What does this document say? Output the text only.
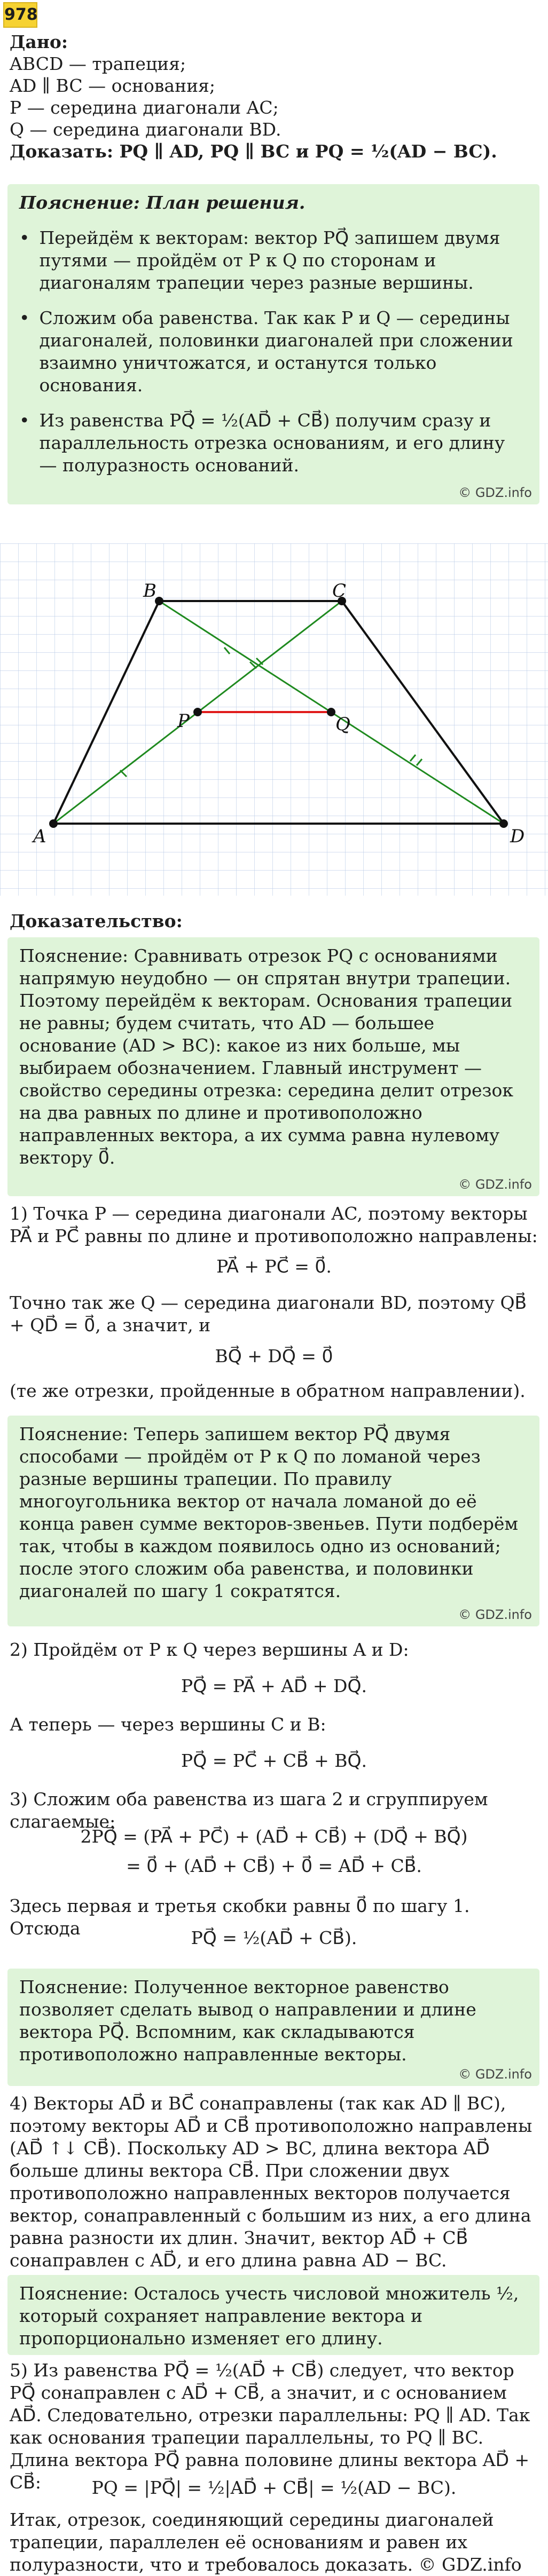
978
Дано:
ABCD — трапеция;
AD ∥ BC — основания;
P — середина диагонали AC;
Q — середина диагонали BD.
Доказать: PQ ∥ AD, PQ ∥ BC и PQ = ½(AD − BC).

Пояснение: План решения.

• Перейдём к векторам: вектор PQ⃗ запишем двумя путями — пройдём от P к Q по сторонам и диагоналям трапеции через разные вершины.

• Сложим оба равенства. Так как P и Q — середины диагоналей, половинки диагоналей при сложении взаимно уничтожатся, и останутся только основания.

• Из равенства PQ⃗ = ½(AD⃗ + CB⃗) получим сразу и параллельность отрезка основаниям, и его длину — полуразность оснований.

© GDZ.info
A	D
B	C
P	Q
Доказательство:

Пояснение: Сравнивать отрезок PQ с основаниями напрямую неудобно — он спрятан внутри трапеции. Поэтому перейдём к векторам. Основания трапеции не равны; будем считать, что AD — большее основание (AD > BC): какое из них больше, мы выбираем обозначением. Главный инструмент — свойство середины отрезка: середина делит отрезок на два равных по длине и противоположно направленных вектора, а их сумма равна нулевому вектору 0⃗.

© GDZ.info
1) Точка P — середина диагонали AC, поэтому векторы PA⃗ и PC⃗ равны по длине и противоположно направлены:
PA⃗ + PC⃗ = 0⃗.
Точно так же Q — середина диагонали BD, поэтому QB⃗ + QD⃗ = 0⃗, а значит, и
BQ⃗ + DQ⃗ = 0⃗
(те же отрезки, пройденные в обратном направлении).

Пояснение: Теперь запишем вектор PQ⃗ двумя способами — пройдём от P к Q по ломаной через разные вершины трапеции. По правилу многоугольника вектор от начала ломаной до её конца равен сумме векторов-звеньев. Пути подберём так, чтобы в каждом появилось одно из оснований; после этого сложим оба равенства, и половинки диагоналей по шагу 1 сократятся.

© GDZ.info
2) Пройдём от P к Q через вершины A и D:
PQ⃗ = PA⃗ + AD⃗ + DQ⃗.
А теперь — через вершины C и B:
PQ⃗ = PC⃗ + CB⃗ + BQ⃗.
3) Сложим оба равенства из шага 2 и сгруппируем слагаемые:
2PQ⃗ = (PA⃗ + PC⃗) + (AD⃗ + CB⃗) + (DQ⃗ + BQ⃗)
= 0⃗ + (AD⃗ + CB⃗) + 0⃗ = AD⃗ + CB⃗.
Здесь первая и третья скобки равны 0⃗ по шагу 1. Отсюда	PQ⃗ = ½(AD⃗ + CB⃗).

Пояснение: Полученное векторное равенство позволяет сделать вывод о направлении и длине вектора PQ⃗. Вспомним, как складываются противоположно направленные векторы.

© GDZ.info
4) Векторы AD⃗ и BC⃗ сонаправлены (так как AD ∥ BC), поэтому векторы AD⃗ и CB⃗ противоположно направлены (AD⃗ ↑↓ CB⃗). Поскольку AD > BC, длина вектора AD⃗ больше длины вектора CB⃗. При сложении двух противоположно направленных векторов получается вектор, сонаправленный с большим из них, а его длина равна разности их длин. Значит, вектор AD⃗ + CB⃗ сонаправлен с AD⃗, и его длина равна AD − BC.

Пояснение: Осталось учесть числовой множитель ½, который сохраняет направление вектора и пропорционально изменяет его длину.

5) Из равенства PQ⃗ = ½(AD⃗ + CB⃗) следует, что вектор PQ⃗ сонаправлен с AD⃗ + CB⃗, а значит, и с основанием AD⃗. Следовательно, отрезки параллельны: PQ ∥ AD. Так как основания трапеции параллельны, то PQ ∥ BC. Длина вектора PQ⃗ равна половине длины вектора AD⃗ + CB⃗:	PQ = |PQ⃗| = ½|AD⃗ + CB⃗| = ½(AD − BC).
Итак, отрезок, соединяющий середины диагоналей трапеции, параллелен её основаниям и равен их полуразности, что и требовалось доказать. © GDZ.info
